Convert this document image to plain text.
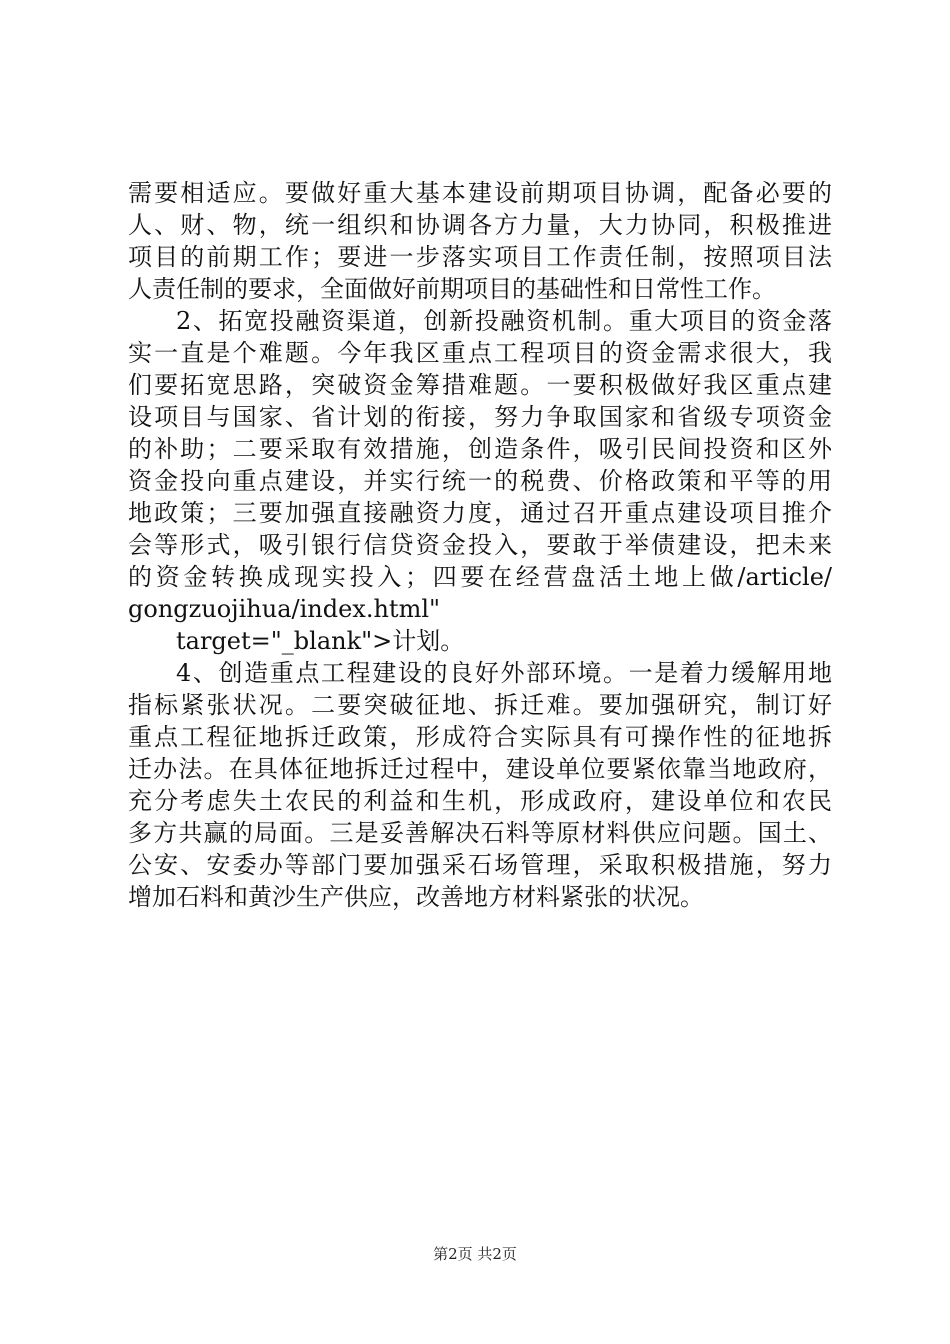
需要相适应。要做好重大基本建设前期项目协调，配备必要的
人、财、物，统一组织和协调各方力量，大力协同，积极推进
项目的前期工作；要进一步落实项目工作责任制，按照项目法
人责任制的要求，全面做好前期项目的基础性和日常性工作。
2、拓宽投融资渠道，创新投融资机制。重大项目的资金落
实一直是个难题。今年我区重点工程项目的资金需求很大，我
们要拓宽思路，突破资金筹措难题。一要积极做好我区重点建
设项目与国家、省计划的衔接，努力争取国家和省级专项资金
的补助；二要采取有效措施，创造条件，吸引民间投资和区外
资金投向重点建设，并实行统一的税费、价格政策和平等的用
地政策；三要加强直接融资力度，通过召开重点建设项目推介
会等形式，吸引银行信贷资金投入，要敢于举债建设，把未来
的资金转换成现实投入；四要在经营盘活土地上做/article/
gongzuojihua/index.html"
target="_blank">计划。
4、创造重点工程建设的良好外部环境。一是着力缓解用地
指标紧张状况。二要突破征地、拆迁难。要加强研究，制订好
重点工程征地拆迁政策，形成符合实际具有可操作性的征地拆
迁办法。在具体征地拆迁过程中，建设单位要紧依靠当地政府，
充分考虑失土农民的利益和生机，形成政府，建设单位和农民
多方共赢的局面。三是妥善解决石料等原材料供应问题。国土、
公安、安委办等部门要加强采石场管理，采取积极措施，努力
增加石料和黄沙生产供应，改善地方材料紧张的状况。
第2页 共2页
